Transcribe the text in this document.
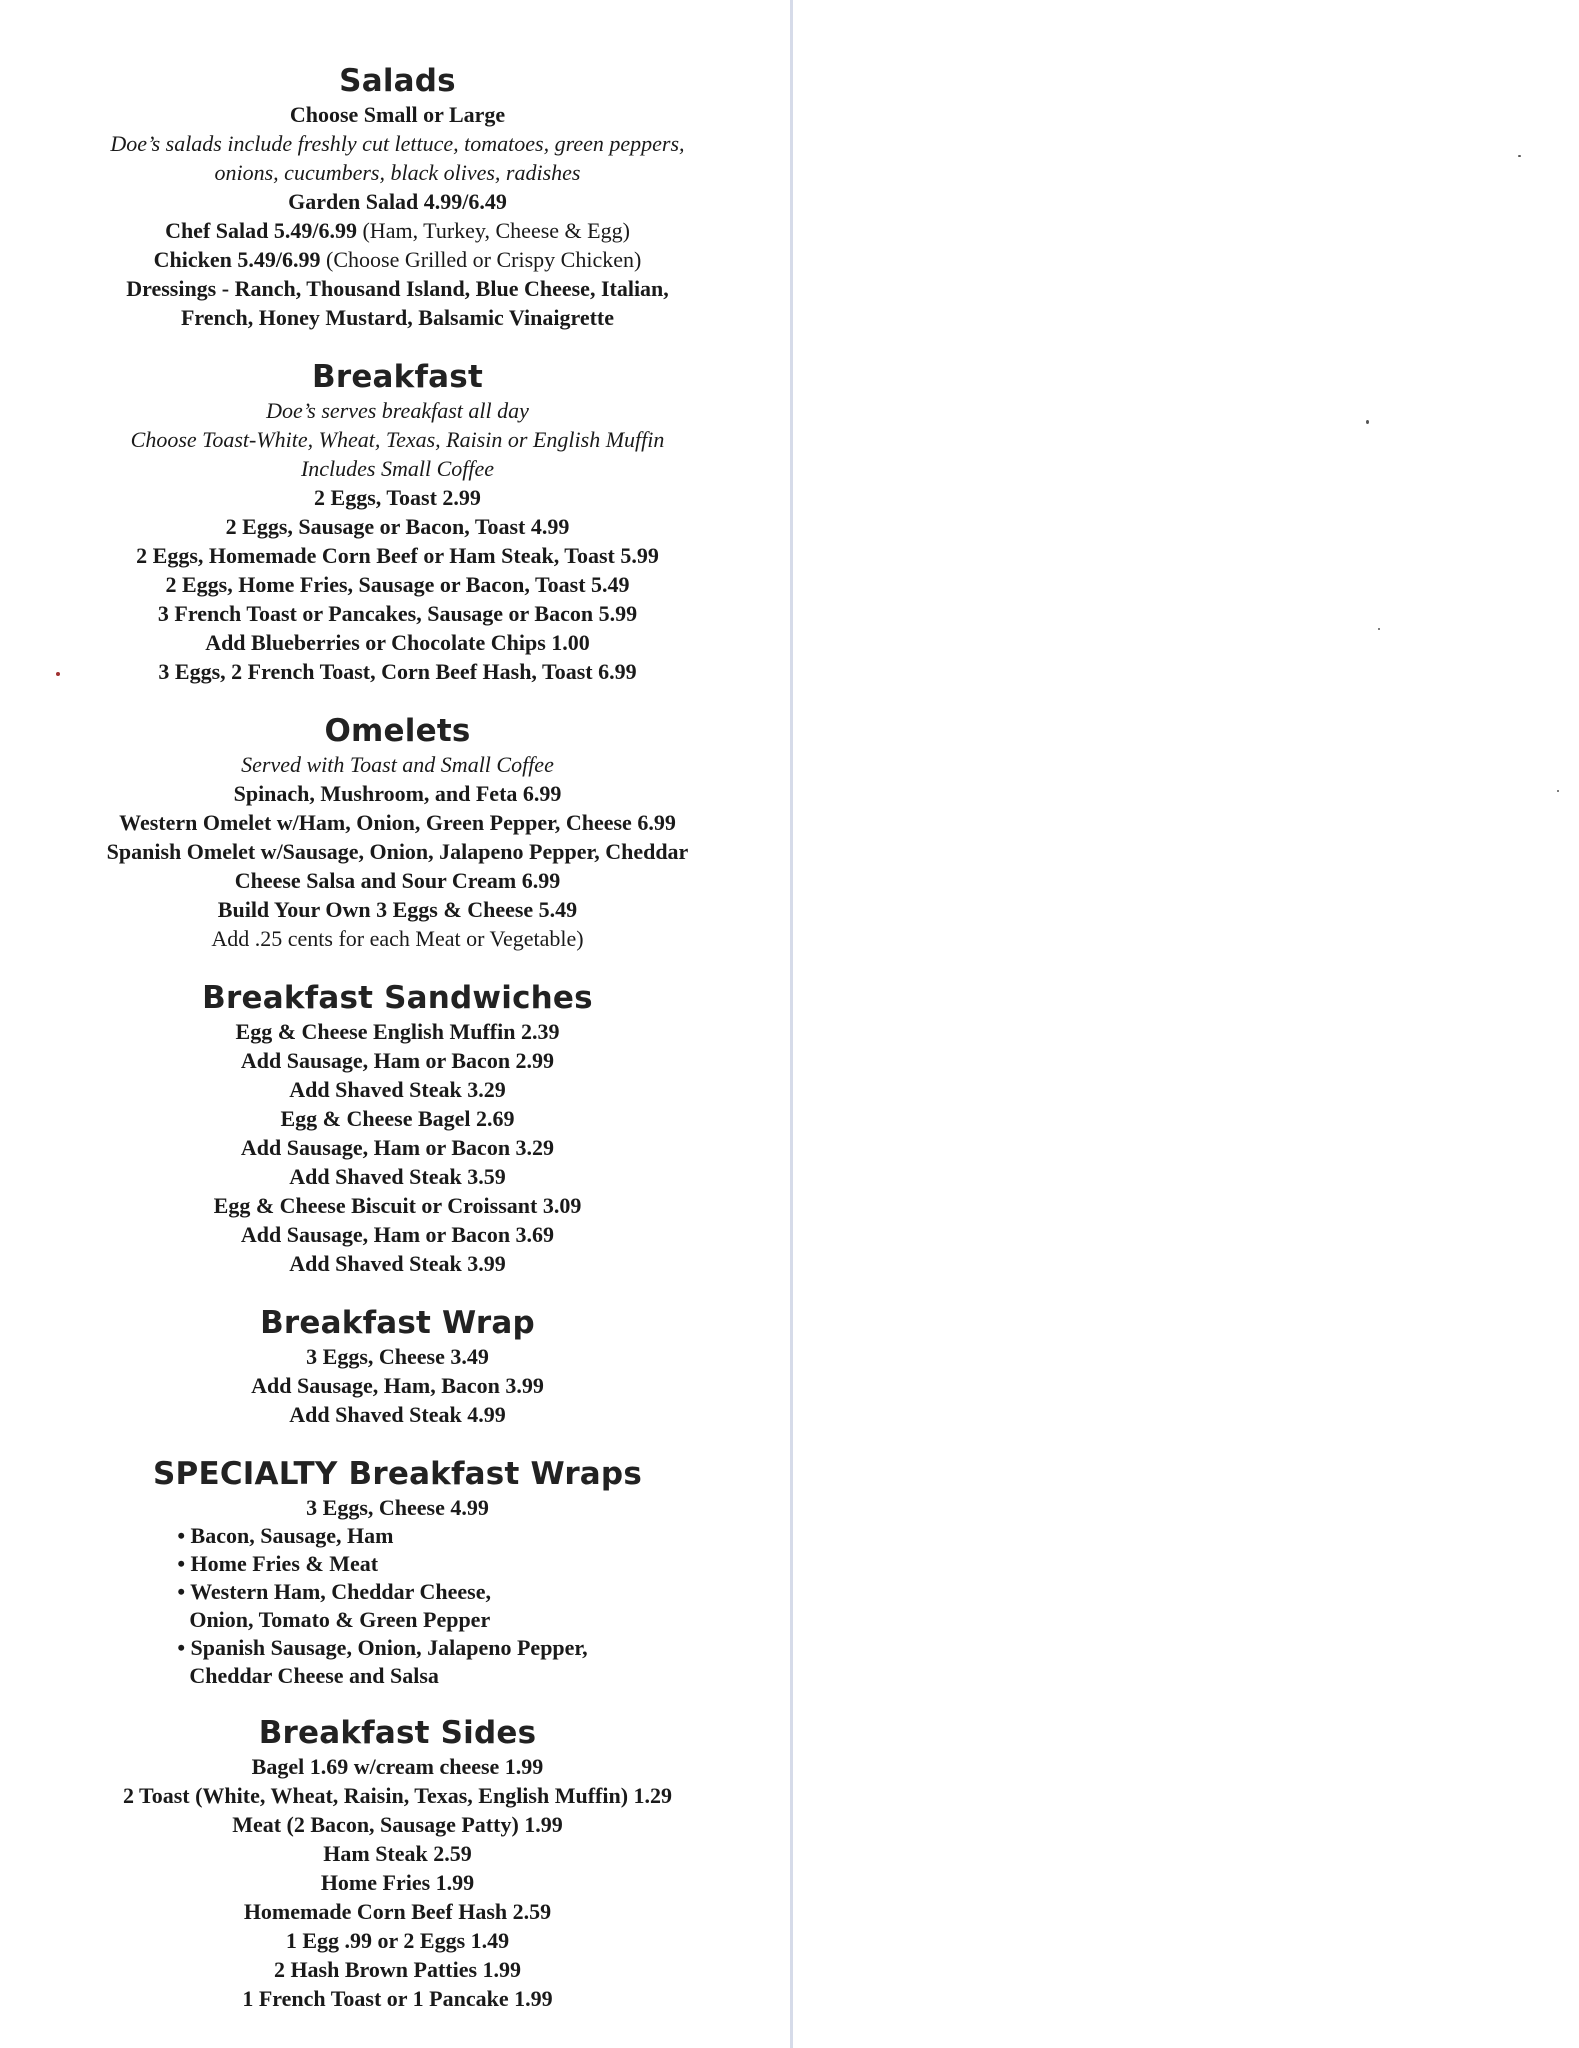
Salads
Choose Small or Large
Doe’s salads include freshly cut lettuce, tomatoes, green peppers,
onions, cucumbers, black olives, radishes
Garden Salad 4.99/6.49
Chef Salad 5.49/6.99 (Ham, Turkey, Cheese & Egg)
Chicken 5.49/6.99 (Choose Grilled or Crispy Chicken)
Dressings - Ranch, Thousand Island, Blue Cheese, Italian,
French, Honey Mustard, Balsamic Vinaigrette
Breakfast
Doe’s serves breakfast all day
Choose Toast-White, Wheat, Texas, Raisin or English Muffin
Includes Small Coffee
2 Eggs, Toast 2.99
2 Eggs, Sausage or Bacon, Toast 4.99
2 Eggs, Homemade Corn Beef or Ham Steak, Toast 5.99
2 Eggs, Home Fries, Sausage or Bacon, Toast 5.49
3 French Toast or Pancakes, Sausage or Bacon 5.99
Add Blueberries or Chocolate Chips 1.00
3 Eggs, 2 French Toast, Corn Beef Hash, Toast 6.99
Omelets
Served with Toast and Small Coffee
Spinach, Mushroom, and Feta 6.99
Western Omelet w/Ham, Onion, Green Pepper, Cheese 6.99
Spanish Omelet w/Sausage, Onion, Jalapeno Pepper, Cheddar
Cheese Salsa and Sour Cream 6.99
Build Your Own 3 Eggs & Cheese 5.49
Add .25 cents for each Meat or Vegetable)
Breakfast Sandwiches
Egg & Cheese English Muffin 2.39
Add Sausage, Ham or Bacon 2.99
Add Shaved Steak 3.29
Egg & Cheese Bagel 2.69
Add Sausage, Ham or Bacon 3.29
Add Shaved Steak 3.59
Egg & Cheese Biscuit or Croissant 3.09
Add Sausage, Ham or Bacon 3.69
Add Shaved Steak 3.99
Breakfast Wrap
3 Eggs, Cheese 3.49
Add Sausage, Ham, Bacon 3.99
Add Shaved Steak 4.99
SPECIALTY Breakfast Wraps
3 Eggs, Cheese 4.99
• Bacon, Sausage, Ham
• Home Fries & Meat
• Western Ham, Cheddar Cheese,
Onion, Tomato & Green Pepper
• Spanish Sausage, Onion, Jalapeno Pepper,
Cheddar Cheese and Salsa
Breakfast Sides
Bagel 1.69 w/cream cheese 1.99
2 Toast (White, Wheat, Raisin, Texas, English Muffin) 1.29
Meat (2 Bacon, Sausage Patty) 1.99
Ham Steak 2.59
Home Fries 1.99
Homemade Corn Beef Hash 2.59
1 Egg .99 or 2 Eggs 1.49
2 Hash Brown Patties 1.99
1 French Toast or 1 Pancake 1.99
